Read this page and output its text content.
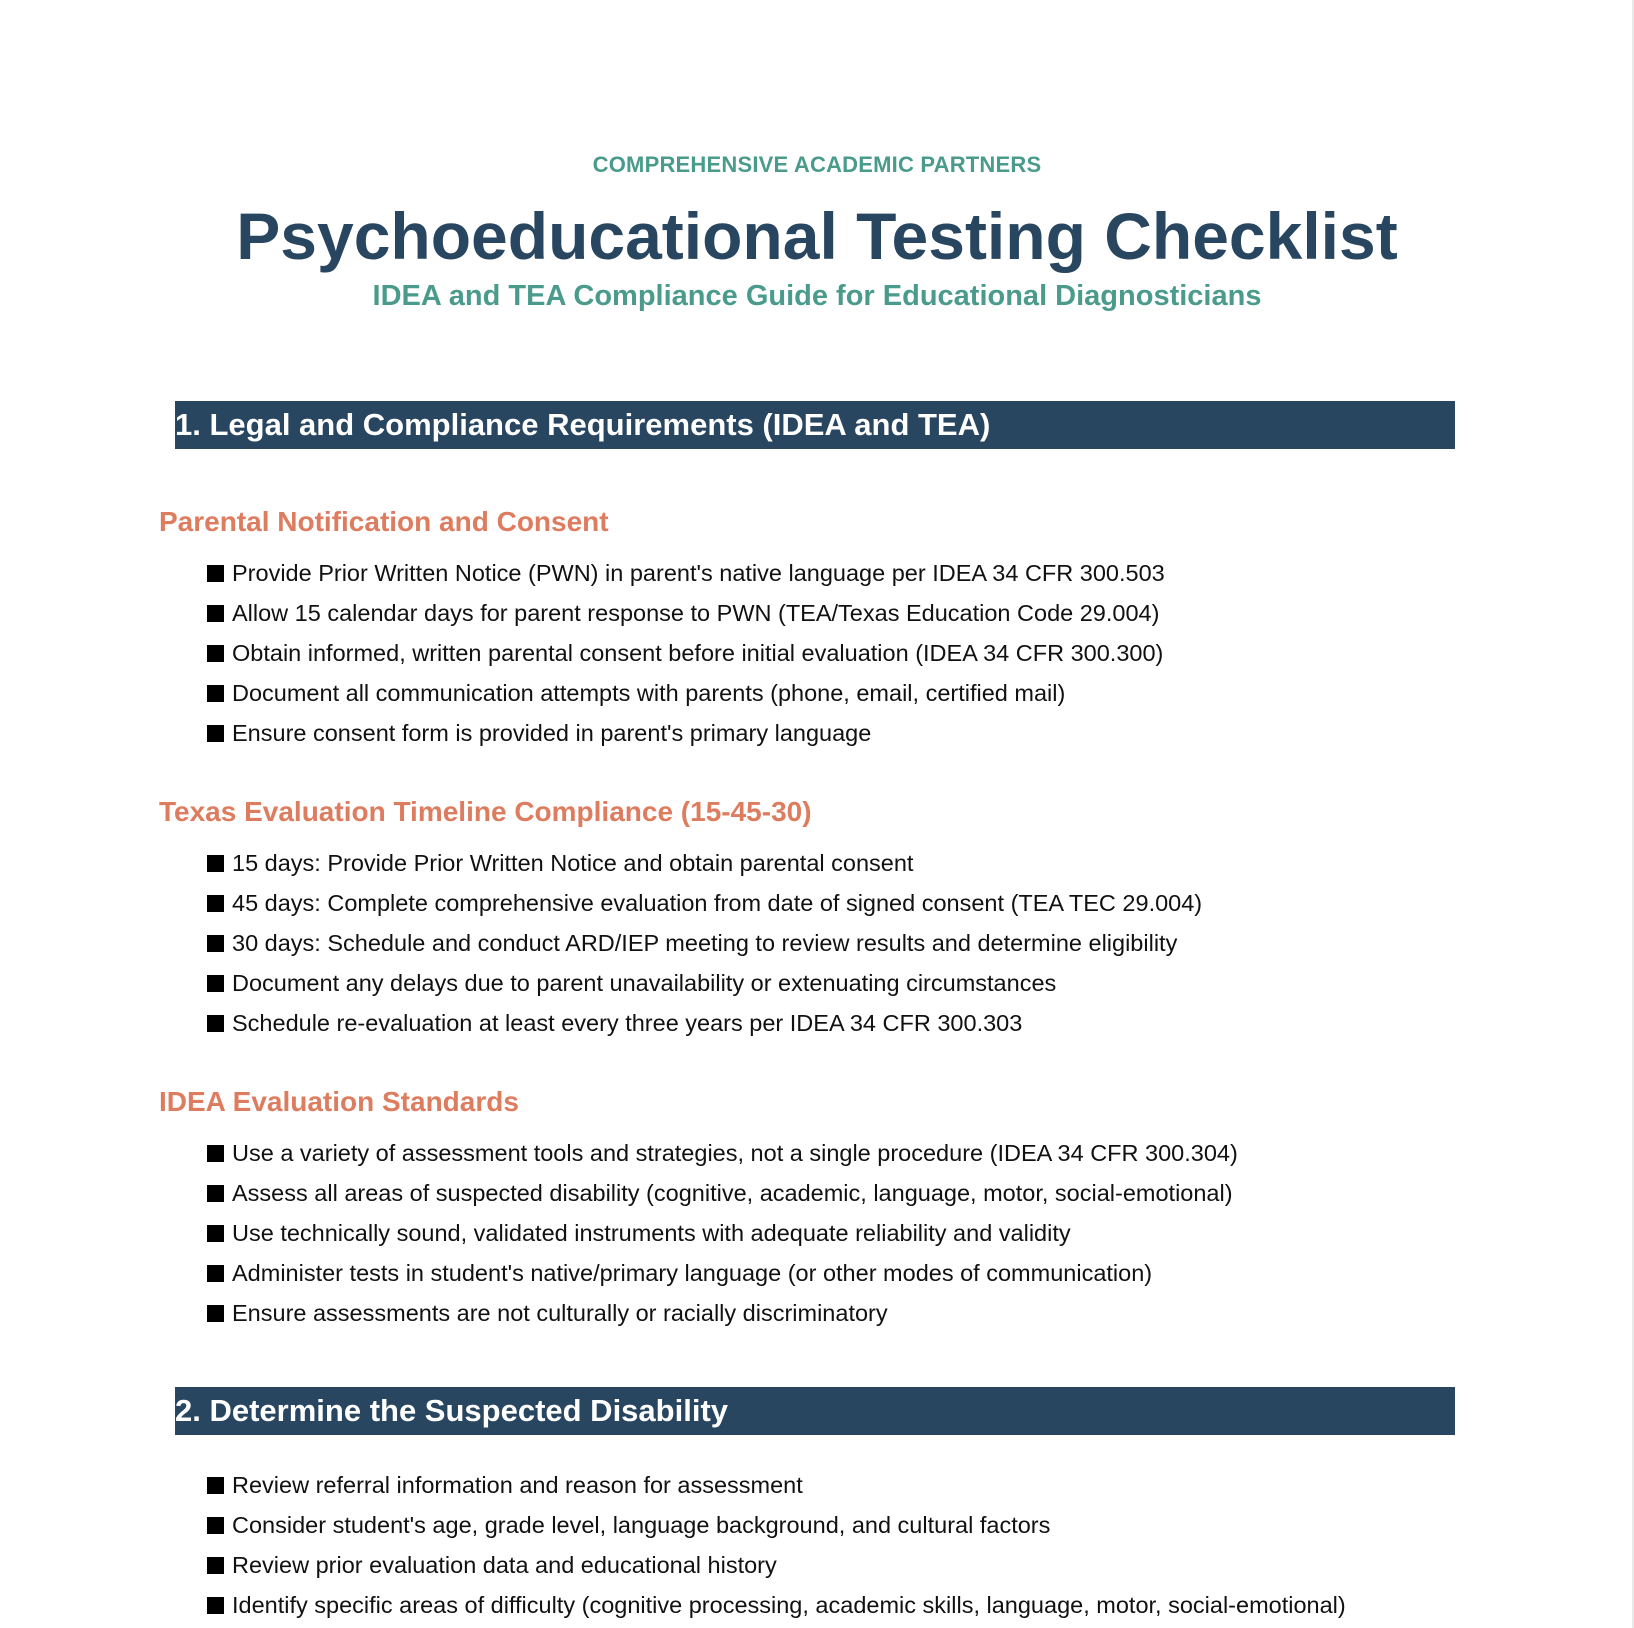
COMPREHENSIVE ACADEMIC PARTNERS
Psychoeducational Testing Checklist
IDEA and TEA Compliance Guide for Educational Diagnosticians
1. Legal and Compliance Requirements (IDEA and TEA)
Parental Notification and Consent
Provide Prior Written Notice (PWN) in parent's native language per IDEA 34 CFR 300.503
Allow 15 calendar days for parent response to PWN (TEA/Texas Education Code 29.004)
Obtain informed, written parental consent before initial evaluation (IDEA 34 CFR 300.300)
Document all communication attempts with parents (phone, email, certified mail)
Ensure consent form is provided in parent's primary language
Texas Evaluation Timeline Compliance (15-45-30)
15 days: Provide Prior Written Notice and obtain parental consent
45 days: Complete comprehensive evaluation from date of signed consent (TEA TEC 29.004)
30 days: Schedule and conduct ARD/IEP meeting to review results and determine eligibility
Document any delays due to parent unavailability or extenuating circumstances
Schedule re-evaluation at least every three years per IDEA 34 CFR 300.303
IDEA Evaluation Standards
Use a variety of assessment tools and strategies, not a single procedure (IDEA 34 CFR 300.304)
Assess all areas of suspected disability (cognitive, academic, language, motor, social-emotional)
Use technically sound, validated instruments with adequate reliability and validity
Administer tests in student's native/primary language (or other modes of communication)
Ensure assessments are not culturally or racially discriminatory
2. Determine the Suspected Disability
Review referral information and reason for assessment
Consider student's age, grade level, language background, and cultural factors
Review prior evaluation data and educational history
Identify specific areas of difficulty (cognitive processing, academic skills, language, motor, social-emotional)
